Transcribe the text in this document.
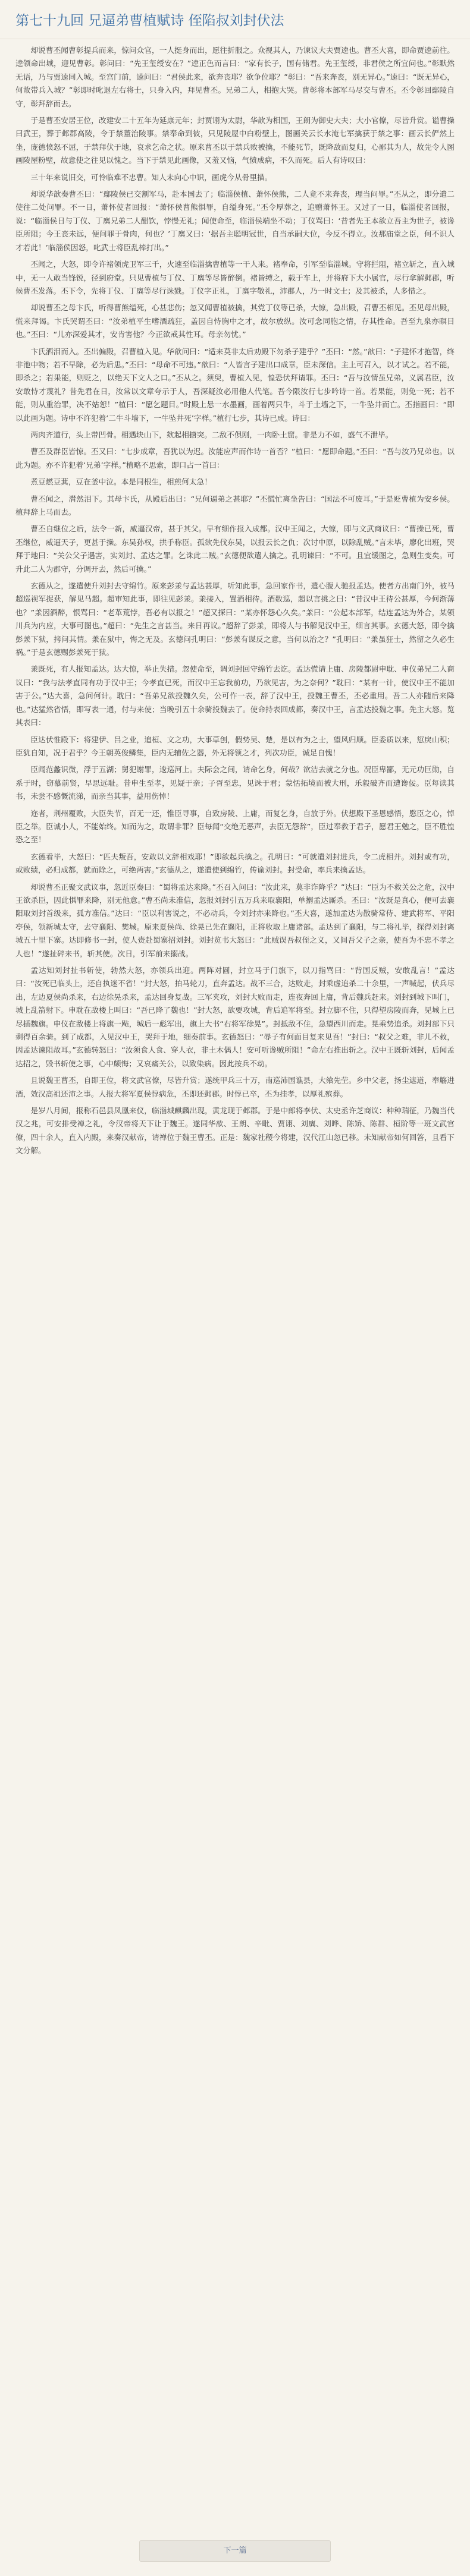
第七十九回 兄逼弟曹植赋诗 侄陷叔刘封伏法

却说曹丕闻曹彰提兵而来，惊问众官，一人挺身而出，愿往折服之。众视其人，乃谏议大夫贾逵也。曹丕大喜，即命贾逵前往。逵领命出城，迎见曹彰。彰问曰：“先王玺绶安在？”逵正色而言曰：“家有长子，国有储君。先王玺绶，非君侯之所宜问也。”彰默然无语，乃与贾逵同入城。至宫门前，逵问曰：“君侯此来，欲奔丧耶？欲争位耶？”彰曰：“吾来奔丧，别无异心。”逵曰：“既无异心，何故带兵入城？”彰即时叱退左右将士，只身入内，拜见曹丕。兄弟二人，相抱大哭。曹彰将本部军马尽交与曹丕。丕令彰回鄢陵自守，彰拜辞而去。

于是曹丕安居王位，改建安二十五年为延康元年；封贾诩为太尉，华歆为相国，王朗为御史大夫；大小官僚，尽皆升赏。谥曹操曰武王，葬于邺郡高陵，令于禁董治陵事。禁奉命到彼，只见陵屋中白粉壁上，图画关云长水淹七军擒获于禁之事：画云长俨然上坐，庞德愤怒不屈，于禁拜伏于地，哀求乞命之状。原来曹丕以于禁兵败被擒，不能死节，既降敌而复归，心鄙其为人，故先令人图画陵屋粉壁，故意使之往见以愧之。当下于禁见此画像，又羞又恼，气愤成病，不久而死。后人有诗叹曰：

三十年来说旧交，可怜临难不忠曹。知人未向心中识，画虎今从骨里描。

却说华歆奏曹丕曰：“鄢陵侯已交割军马，赴本国去了；临淄侯植、萧怀侯熊，二人竟不来奔丧，理当问罪。”丕从之，即分遣二使往二处问罪。不一日，萧怀使者回报：“萧怀侯曹熊惧罪，自缢身死。”丕令厚葬之，追赠萧怀王。又过了一日，临淄使者回报，说：“临淄侯日与丁仪、丁廙兄弟二人酣饮，悖慢无礼；闻使命至，临淄侯端坐不动；丁仪骂曰：‘昔者先王本欲立吾主为世子，被谗臣所阻；今王丧未远，便问罪于骨肉，何也？’丁廙又曰：‘据吾主聪明冠世，自当承嗣大位，今反不得立。汝那庙堂之臣，何不识人才若此！’临淄侯因怒，叱武士将臣乱棒打出。”

丕闻之，大怒，即令许褚领虎卫军三千，火速至临淄擒曹植等一干人来。褚奉命，引军至临淄城。守将拦阻，褚立斩之，直入城中，无一人敢当锋锐，径到府堂。只见曹植与丁仪、丁廙等尽皆醉倒。褚皆缚之，载于车上，并将府下大小属官，尽行拿解邺郡，听候曹丕发落。丕下令，先将丁仪、丁廙等尽行诛戮。丁仪字正礼，丁廙字敬礼，沛郡人，乃一时文士；及其被杀，人多惜之。

却说曹丕之母卞氏，听得曹熊缢死，心甚悲伤；忽又闻曹植被擒，其党丁仪等已杀，大惊，急出殿，召曹丕相见。丕见母出殿，慌来拜谒。卞氏哭谓丕曰：“汝弟植平生嗜酒疏狂，盖因自恃胸中之才，故尔放纵。汝可念同胞之情，存其性命。吾至九泉亦瞑目也。”丕曰：“儿亦深爱其才，安肯害他？今正欲戒其性耳。母亲勿忧。”

卞氏洒泪而入。丕出偏殿，召曹植入见。华歆问曰：“适来莫非太后劝殿下勿杀子建乎？”丕曰：“然。”歆曰：“子建怀才抱智，终非池中物；若不早除，必为后患。”丕曰：“母命不可违。”歆曰：“人皆言子建出口成章，臣未深信。主上可召入，以才试之。若不能，即杀之；若果能，则贬之，以绝天下文人之口。”丕从之。须臾，曹植入见，惶恐伏拜请罪。丕曰：“吾与汝情虽兄弟，义属君臣，汝安敢恃才蔑礼？昔先君在日，汝常以文章夸示于人，吾深疑汝必用他人代笔。吾今限汝行七步吟诗一首。若果能，则免一死；若不能，则从重治罪，决不姑恕！”植曰：“愿乞题目。”时殿上悬一水墨画，画着两只牛，斗于土墙之下，一牛坠井而亡。丕指画曰：“即以此画为题。诗中不许犯着‘二牛斗墙下，一牛坠井死’字样。”植行七步，其诗已成。诗曰：

两肉齐道行，头上带凹骨。相遇块山下，欻起相搪突。二敌不俱刚，一肉卧土窟。非是力不如，盛气不泄毕。

曹丕及群臣皆惊。丕又曰：“七步成章，吾犹以为迟。汝能应声而作诗一首否？”植曰：“愿即命题。”丕曰：“吾与汝乃兄弟也。以此为题。亦不许犯着‘兄弟’字样。”植略不思索，即口占一首曰：

煮豆燃豆萁，豆在釜中泣。本是同根生，相煎何太急！

曹丕闻之，潸然泪下。其母卞氏，从殿后出曰：“兄何逼弟之甚耶？”丕慌忙离坐告曰：“国法不可废耳。”于是贬曹植为安乡侯。植拜辞上马而去。

曹丕自继位之后，法令一新，威逼汉帝，甚于其父。早有细作报入成都。汉中王闻之，大惊，即与文武商议曰：“曹操已死，曹丕继位，威逼天子，更甚于操。东吴孙权，拱手称臣。孤欲先伐东吴，以报云长之仇；次讨中原，以除乱贼。”言未毕，廖化出班，哭拜于地曰：“关公父子遇害，实刘封、孟达之罪。乞诛此二贼。”玄德便欲遣人擒之。孔明谏曰：“不可。且宜缓图之，急则生变矣。可升此二人为郡守，分调开去，然后可擒。”

玄德从之，遂遣使升刘封去守绵竹。原来彭羕与孟达甚厚，听知此事，急回家作书，遣心腹人驰报孟达。使者方出南门外，被马超巡视军捉获，解见马超。超审知此事，即往见彭羕。羕接入，置酒相待。酒数巡，超以言挑之曰：“昔汉中王待公甚厚，今何渐薄也？”羕因酒醉，恨骂曰：“老革荒悖，吾必有以报之！”超又探曰：“某亦怀怨心久矣。”羕曰：“公起本部军，结连孟达为外合，某领川兵为内应，大事可图也。”超曰：“先生之言甚当。来日再议。”超辞了彭羕，即将人与书解见汉中王，细言其事。玄德大怒，即令擒彭羕下狱，拷问其情。羕在狱中，悔之无及。玄德问孔明曰：“彭羕有谋反之意，当何以治之？”孔明曰：“羕虽狂士，然留之久必生祸。”于是玄德赐彭羕死于狱。

羕既死，有人报知孟达。达大惊，举止失措。忽使命至，调刘封回守绵竹去讫。孟达慌请上庸、房陵都尉申耽、申仪弟兄二人商议曰：“我与法孝直同有功于汉中王；今孝直已死，而汉中王忘我前功，乃欲见害，为之奈何？”耽曰：“某有一计，使汉中王不能加害于公。”达大喜，急问何计。耽曰：“吾弟兄欲投魏久矣，公可作一表，辞了汉中王，投魏王曹丕，丕必重用。吾二人亦随后来降也。”达猛然省悟，即写表一通，付与来使；当晚引五十余骑投魏去了。使命持表回成都，奏汉中王，言孟达投魏之事。先主大怒。览其表曰：

臣达伏惟殿下：将建伊、吕之业，追桓、文之功，大事草创，假势吴、楚，是以有为之士，望风归顺。臣委质以来，愆戾山积；臣犹自知，况于君乎？今王朝英俊鳞集，臣内无辅佐之器，外无将领之才，列次功臣，诚足自愧！

臣闻范蠡识微，浮于五湖；舅犯谢罪，逡巡河上。夫际会之间，请命乞身，何哉？欲洁去就之分也。况臣卑鄙，无元功巨勋，自系于时，窃慕前贤，早思远耻。昔申生至孝，见疑于亲；子胥至忠，见诛于君；蒙恬拓境而被大刑，乐毅破齐而遭谗佞。臣每读其书，未尝不感慨流涕，而亲当其事，益用伤悼！

迩者，荆州覆败，大臣失节，百无一还，惟臣寻事，自致房陵、上庸，而复乞身，自放于外。伏想殿下圣恩感悟，愍臣之心，悼臣之举。臣诚小人，不能始终。知而为之，敢谓非罪？臣每闻“交绝无恶声，去臣无怨辞”，臣过奉教于君子，愿君王勉之，臣不胜惶恐之至！

玄德看毕，大怒曰：“匹夫叛吾，安敢以文辞相戏耶！”即欲起兵擒之。孔明曰：“可就遣刘封进兵，令二虎相并。刘封或有功，或败绩，必归成都，就而除之，可绝两害。”玄德从之，遂遣使到绵竹，传谕刘封。封受命，率兵来擒孟达。

却说曹丕正聚文武议事，忽近臣奏曰：“蜀将孟达来降。”丕召入问曰：“汝此来，莫非诈降乎？”达曰：“臣为不救关公之危，汉中王欲杀臣，因此惧罪来降，别无他意。”曹丕尚未准信，忽报刘封引五万兵来取襄阳，单搦孟达厮杀。丕曰：“汝既是真心，便可去襄阳取刘封首级来，孤方准信。”达曰：“臣以利害说之，不必动兵，令刘封亦来降也。”丕大喜，遂加孟达为散骑常侍、建武将军、平阳亭侯，领新城太守，去守襄阳、樊城。原来夏侯尚、徐晃已先在襄阳，正将收取上庸诸部。孟达到了襄阳，与二将礼毕，探得刘封离城五十里下寨。达即修书一封，使人赍赴蜀寨招刘封。刘封览书大怒曰：“此贼误吾叔侄之义，又间吾父子之亲，使吾为不忠不孝之人也！”遂扯碎来书，斩其使。次日，引军前来搦战。

孟达知刘封扯书斩使，勃然大怒，亦领兵出迎。两阵对圆，封立马于门旗下，以刀指骂曰：“背国反贼，安敢乱言！”孟达曰：“汝死已临头上，还自执迷不省！”封大怒，拍马轮刀，直奔孟达。战不三合，达败走，封乘虚追杀二十余里，一声喊起，伏兵尽出，左边夏侯尚杀来，右边徐晃杀来，孟达回身复战。三军夹攻，刘封大败而走，连夜奔回上庸，背后魏兵赶来。刘封到城下叫门，城上乱箭射下。申耽在敌楼上叫曰：“吾已降了魏也！”封大怒，欲要攻城，背后追军将至。封立脚不住，只得望房陵而奔，见城上已尽插魏旗。申仪在敌楼上将旗一飐，城后一彪军出，旗上大书“右将军徐晃”。封抵敌不住，急望西川而走。晃乘势追杀。刘封部下只剩得百余骑。到了成都，入见汉中王，哭拜于地，细奏前事。玄德怒曰：“辱子有何面目复来见吾！”封曰：“叔父之难，非儿不救，因孟达谏阻故耳。”玄德转怒曰：“汝须食人食、穿人衣，非土木偶人！安可听谗贼所阻！”命左右推出斩之。汉中王既斩刘封，后闻孟达招之，毁书斩使之事，心中颇悔；又哀痛关公，以致染病。因此按兵不动。

且说魏王曹丕，自即王位，将文武官僚，尽皆升赏；遂统甲兵三十万，南巡沛国谯县，大飨先茔。乡中父老，扬尘遮道，奉觞进酒，效汉高祖还沛之事。人报大将军夏侯惇病危，丕即还邺郡。时惇已卒，丕为挂孝，以厚礼殡葬。

是岁八月间，报称石邑县凤凰来仪，临淄城麒麟出现，黄龙现于邺郡。于是中郎将李伏、太史丞许芝商议：种种瑞征，乃魏当代汉之兆，可安排受禅之礼，令汉帝将天下让于魏王。遂同华歆、王朗、辛毗、贾诩、刘廙、刘晔、陈矫、陈群、桓阶等一班文武官僚，四十余人，直入内殿，来奏汉献帝，请禅位于魏王曹丕。正是：魏家社稷今将建，汉代江山忽已移。未知献帝如何回答，且看下文分解。

下一篇
